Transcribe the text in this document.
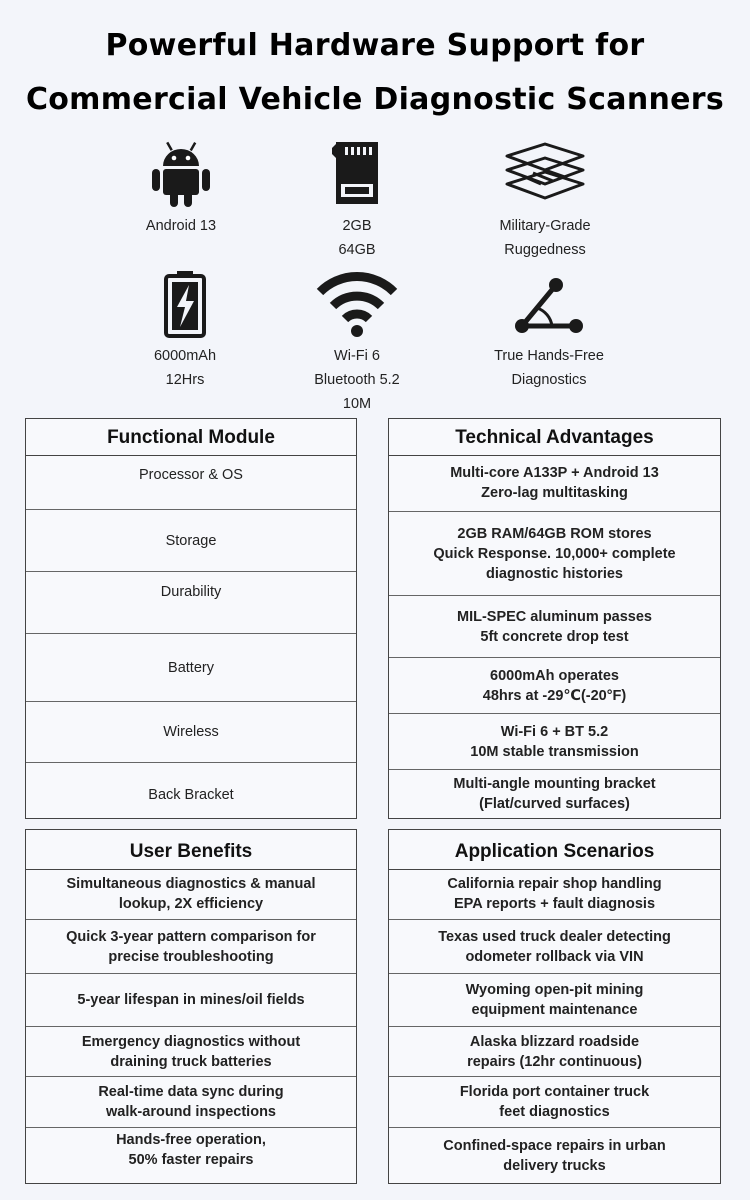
Powerful Hardware Support for
Commercial Vehicle Diagnostic Scanners
Android 13	2GB
64GB
Military-Grade
Ruggedness
6000mAh
12Hrs
Wi-Fi 6
Bluetooth 5.2
10M
True Hands-Free
Diagnostics
Functional Module
Processor & OS
Storage
Durability
Battery
Wireless
Back Bracket
Technical Advantages
Multi-core A133P + Android 13
Zero-lag multitasking
2GB RAM/64GB ROM stores
Quick Response. 10,000+ complete
diagnostic histories
MIL-SPEC aluminum passes
5ft concrete drop test
6000mAh operates
48hrs at -29℃(-20°F)
Wi-Fi 6 + BT 5.2
10M stable transmission
Multi-angle mounting bracket
(Flat/curved surfaces)
User Benefits
Simultaneous diagnostics & manual
lookup, 2X efficiency
Quick 3-year pattern comparison for
precise troubleshooting
5-year lifespan in mines/oil fields
Emergency diagnostics without
draining truck batteries
Real-time data sync during
walk-around inspections
Hands-free operation,
50% faster repairs
Application Scenarios
California repair shop handling
EPA reports + fault diagnosis
Texas used truck dealer detecting
odometer rollback via VIN
Wyoming open-pit mining
equipment maintenance
Alaska blizzard roadside
repairs (12hr continuous)
Florida port container truck
feet diagnostics
Confined-space repairs in urban
delivery trucks
